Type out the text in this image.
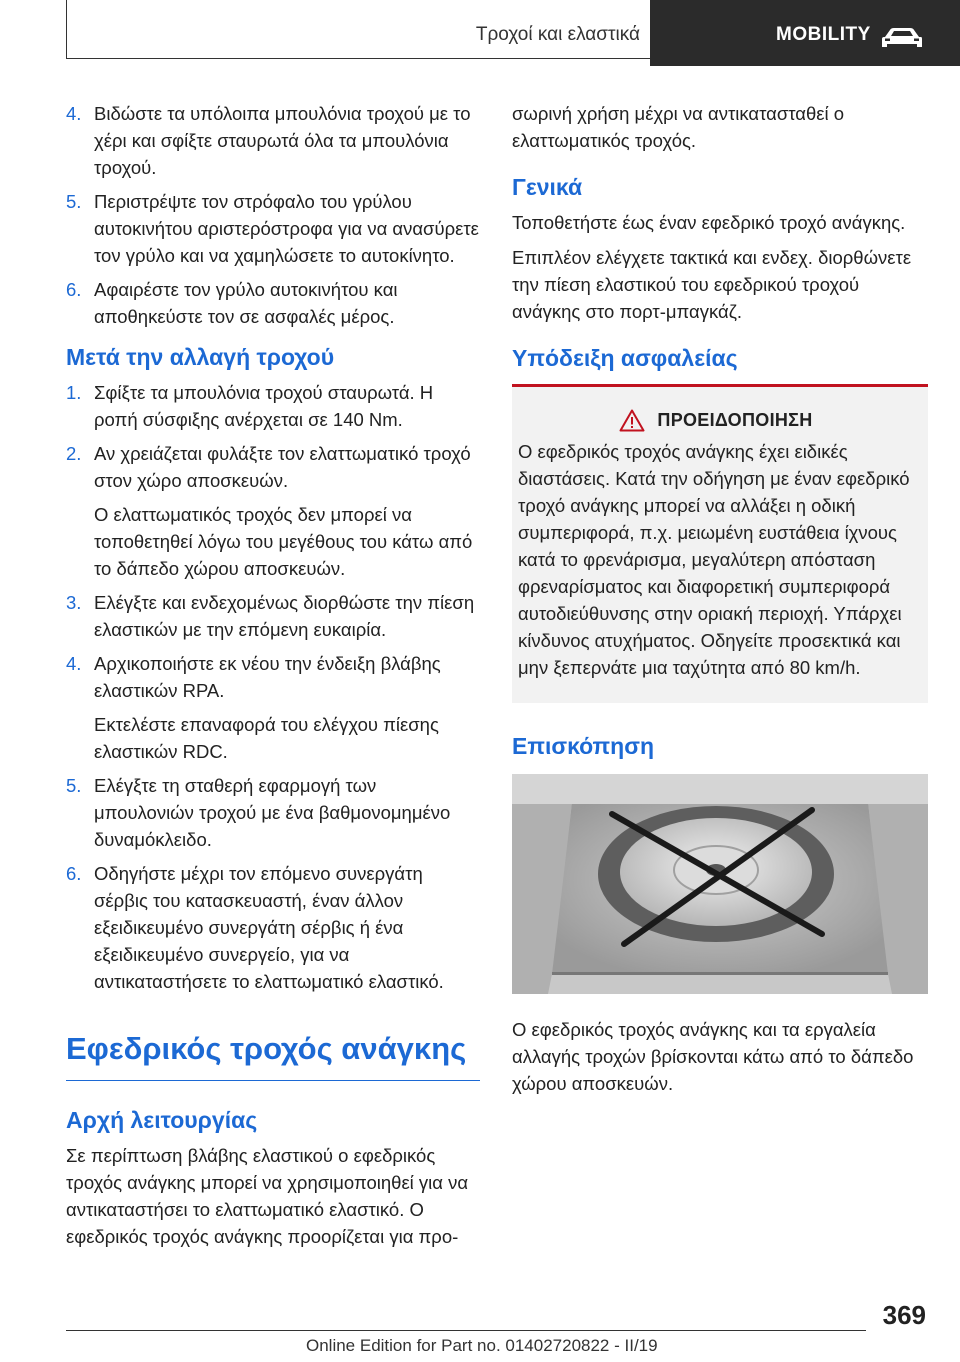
Τροχοί και ελαστικά	MOBILITY
4. Βιδώστε τα υπόλοιπα μπουλόνια τροχού με το χέρι και σφίξτε σταυρωτά όλα τα μπουλόνια τροχού.
5. Περιστρέψτε τον στρόφαλο του γρύλου αυτοκινήτου αριστερόστροφα για να ανασύρετε τον γρύλο και να χαμηλώσετε το αυτοκίνητο.
6. Αφαιρέστε τον γρύλο αυτοκινήτου και αποθηκεύστε τον σε ασφαλές μέρος.
Μετά την αλλαγή τροχού
1. Σφίξτε τα μπουλόνια τροχού σταυρωτά. Η ροπή σύσφιξης ανέρχεται σε 140 Nm.
2. Αν χρειάζεται φυλάξτε τον ελαττωματικό τροχό στον χώρο αποσκευών.
Ο ελαττωματικός τροχός δεν μπορεί να τοποθετηθεί λόγω του μεγέθους του κάτω από το δάπεδο χώρου αποσκευών.
3. Ελέγξτε και ενδεχομένως διορθώστε την πίεση ελαστικών με την επόμενη ευκαιρία.
4. Αρχικοποιήστε εκ νέου την ένδειξη βλάβης ελαστικών RPA.
Εκτελέστε επαναφορά του ελέγχου πίεσης ελαστικών RDC.
5. Ελέγξτε τη σταθερή εφαρμογή των μπουλονιών τροχού με ένα βαθμονομημένο δυναμόκλειδο.
6. Οδηγήστε μέχρι τον επόμενο συνεργάτη σέρβις του κατασκευαστή, έναν άλλον εξειδικευμένο συνεργάτη σέρβις ή ένα εξειδικευμένο συνεργείο, για να αντικαταστήσετε το ελαττωματικό ελαστικό.
Εφεδρικός τροχός ανάγκης
Αρχή λειτουργίας
Σε περίπτωση βλάβης ελαστικού ο εφεδρικός τροχός ανάγκης μπορεί να χρησιμοποιηθεί για να αντικαταστήσει το ελαττωματικό ελαστικό. Ο εφεδρικός τροχός ανάγκης προορίζεται για προ-
σωρινή χρήση μέχρι να αντικατασταθεί ο ελαττωματικός τροχός.
Γενικά
Τοποθετήστε έως έναν εφεδρικό τροχό ανάγκης.
Επιπλέον ελέγχετε τακτικά και ενδεχ. διορθώνετε την πίεση ελαστικού του εφεδρικού τροχού ανάγκης στο πορτ-μπαγκάζ.
Υπόδειξη ασφαλείας
ΠΡΟΕΙΔΟΠΟΙΗΣΗ
Ο εφεδρικός τροχός ανάγκης έχει ειδικές διαστάσεις. Κατά την οδήγηση με έναν εφεδρικό τροχό ανάγκης μπορεί να αλλάξει η οδική συμπεριφορά, π.χ. μειωμένη ευστάθεια ίχνους κατά το φρενάρισμα, μεγαλύτερη απόσταση φρεναρίσματος και διαφορετική συμπεριφορά αυτοδιεύθυνσης στην οριακή περιοχή. Υπάρχει κίνδυνος ατυχήματος. Οδηγείτε προσεκτικά και μην ξεπερνάτε μια ταχύτητα από 80 km/h.
Επισκόπηση
Ο εφεδρικός τροχός ανάγκης και τα εργαλεία αλλαγής τροχών βρίσκονται κάτω από το δάπεδο χώρου αποσκευών.
369
Online Edition for Part no. 01402720822 - II/19
